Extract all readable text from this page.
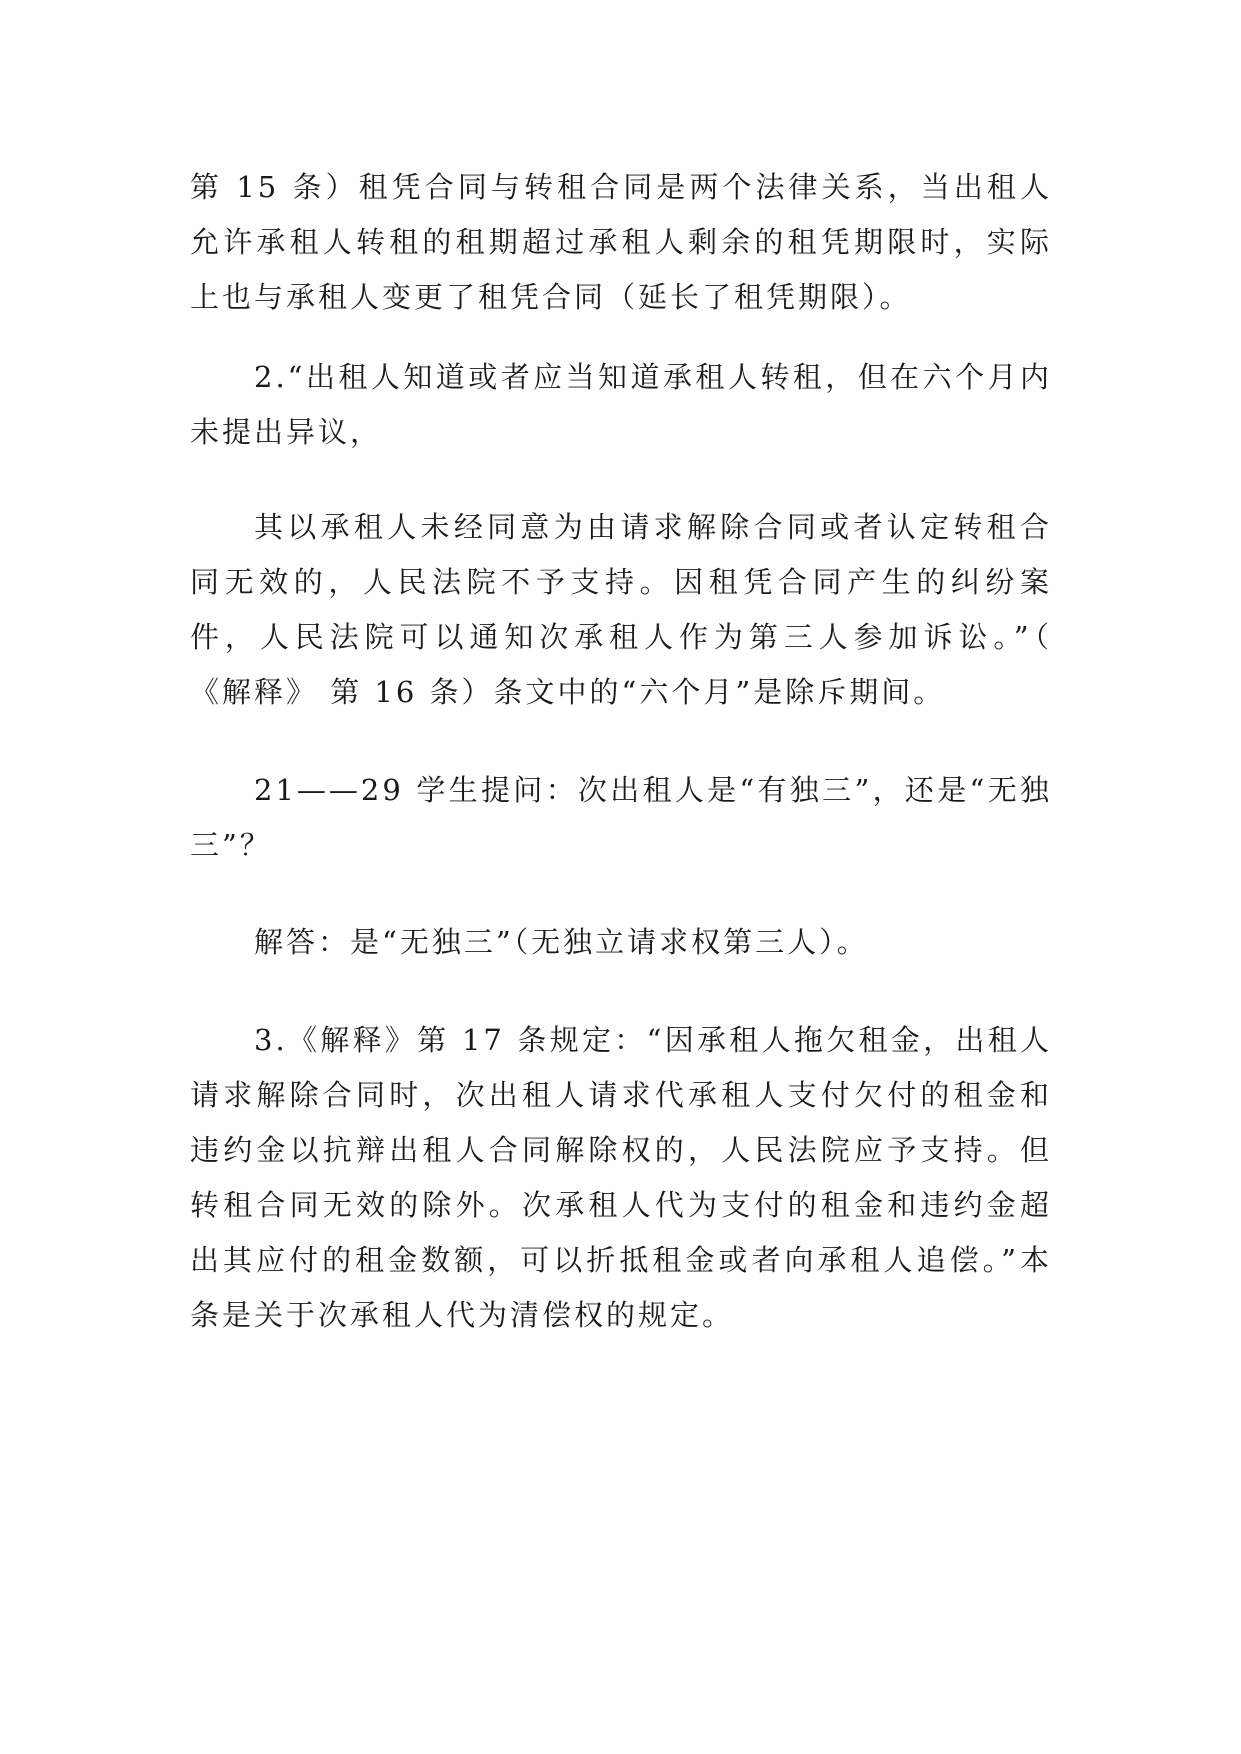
第 15 条）租凭合同与转租合同是两个法律关系，当出租人允许承租人转租的租期超过承租人剩余的租凭期限时，实际上也与承租人变更了租凭合同（延长了租凭期限）。

2.“出租人知道或者应当知道承租人转租，但在六个月内未提出异议，

其以承租人未经同意为由请求解除合同或者认定转租合同无效的，人民法院不予支持。因租凭合同产生的纠纷案件，人民法院可以通知次承租人作为第三人参加诉讼。”（ 《解释》 第 16 条）条文中的“六个月”是除斥期间。

21——29 学生提问：次出租人是“有独三”，还是“无独三”？

解答：是“无独三”（无独立请求权第三人）。

3.《解释》第 17 条规定：“因承租人拖欠租金，出租人请求解除合同时，次出租人请求代承租人支付欠付的租金和违约金以抗辩出租人合同解除权的，人民法院应予支持。但转租合同无效的除外。次承租人代为支付的租金和违约金超出其应付的租金数额，可以折抵租金或者向承租人追偿。”本条是关于次承租人代为清偿权的规定。
